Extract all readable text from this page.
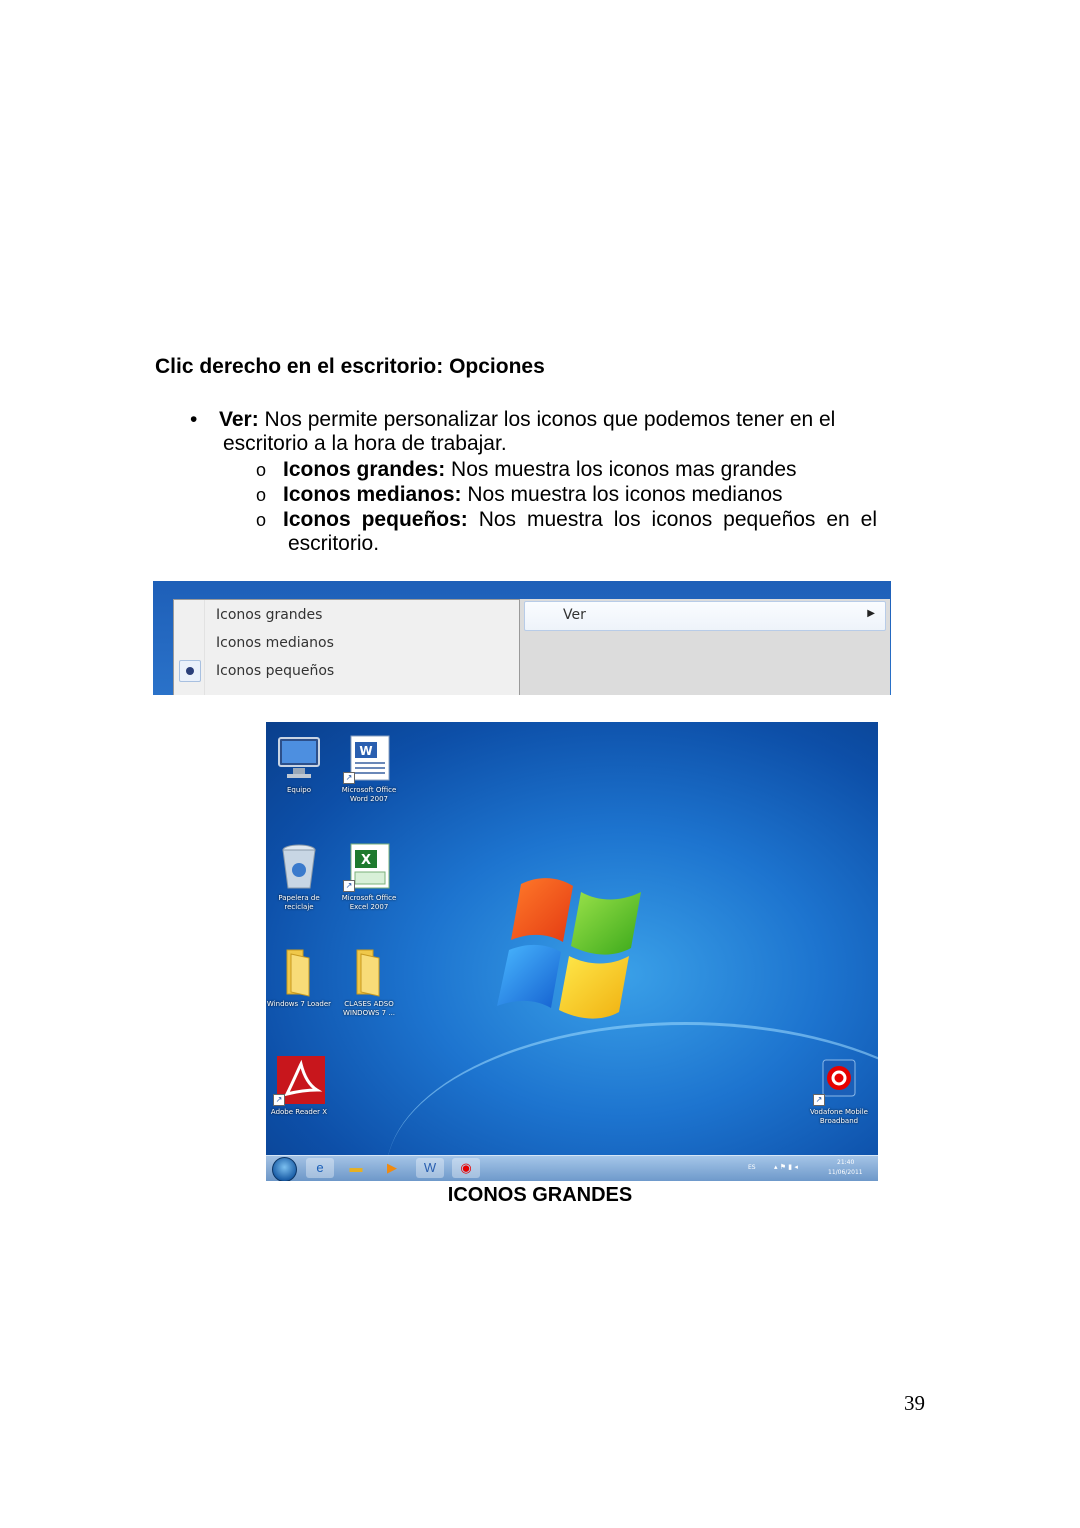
Clic derecho en el escritorio: Opciones
• Ver: Nos permite personalizar los iconos que podemos tener en el
escritorio a la hora de trabajar.
o Iconos grandes: Nos muestra los iconos mas grandes
o Iconos medianos: Nos muestra los iconos medianos
o Iconos pequeños: Nos muestra los iconos pequeños en el
escritorio.
Iconos grandes
Iconos medianos
Iconos pequeños
Ver	▶
Equipo
W
↗
Microsoft Office Word 2007
Papelera de reciclaje
X
↗
Microsoft Office Excel 2007
Windows 7 Loader	CLASES ADSO WINDOWS 7 ...
↗
Adobe Reader X
↗
Vodafone Mobile Broadband
e	▬	▶	W	◉	ES	▴ ⚑ ▮ ◂
21:40
11/06/2011
ICONOS GRANDES
39
